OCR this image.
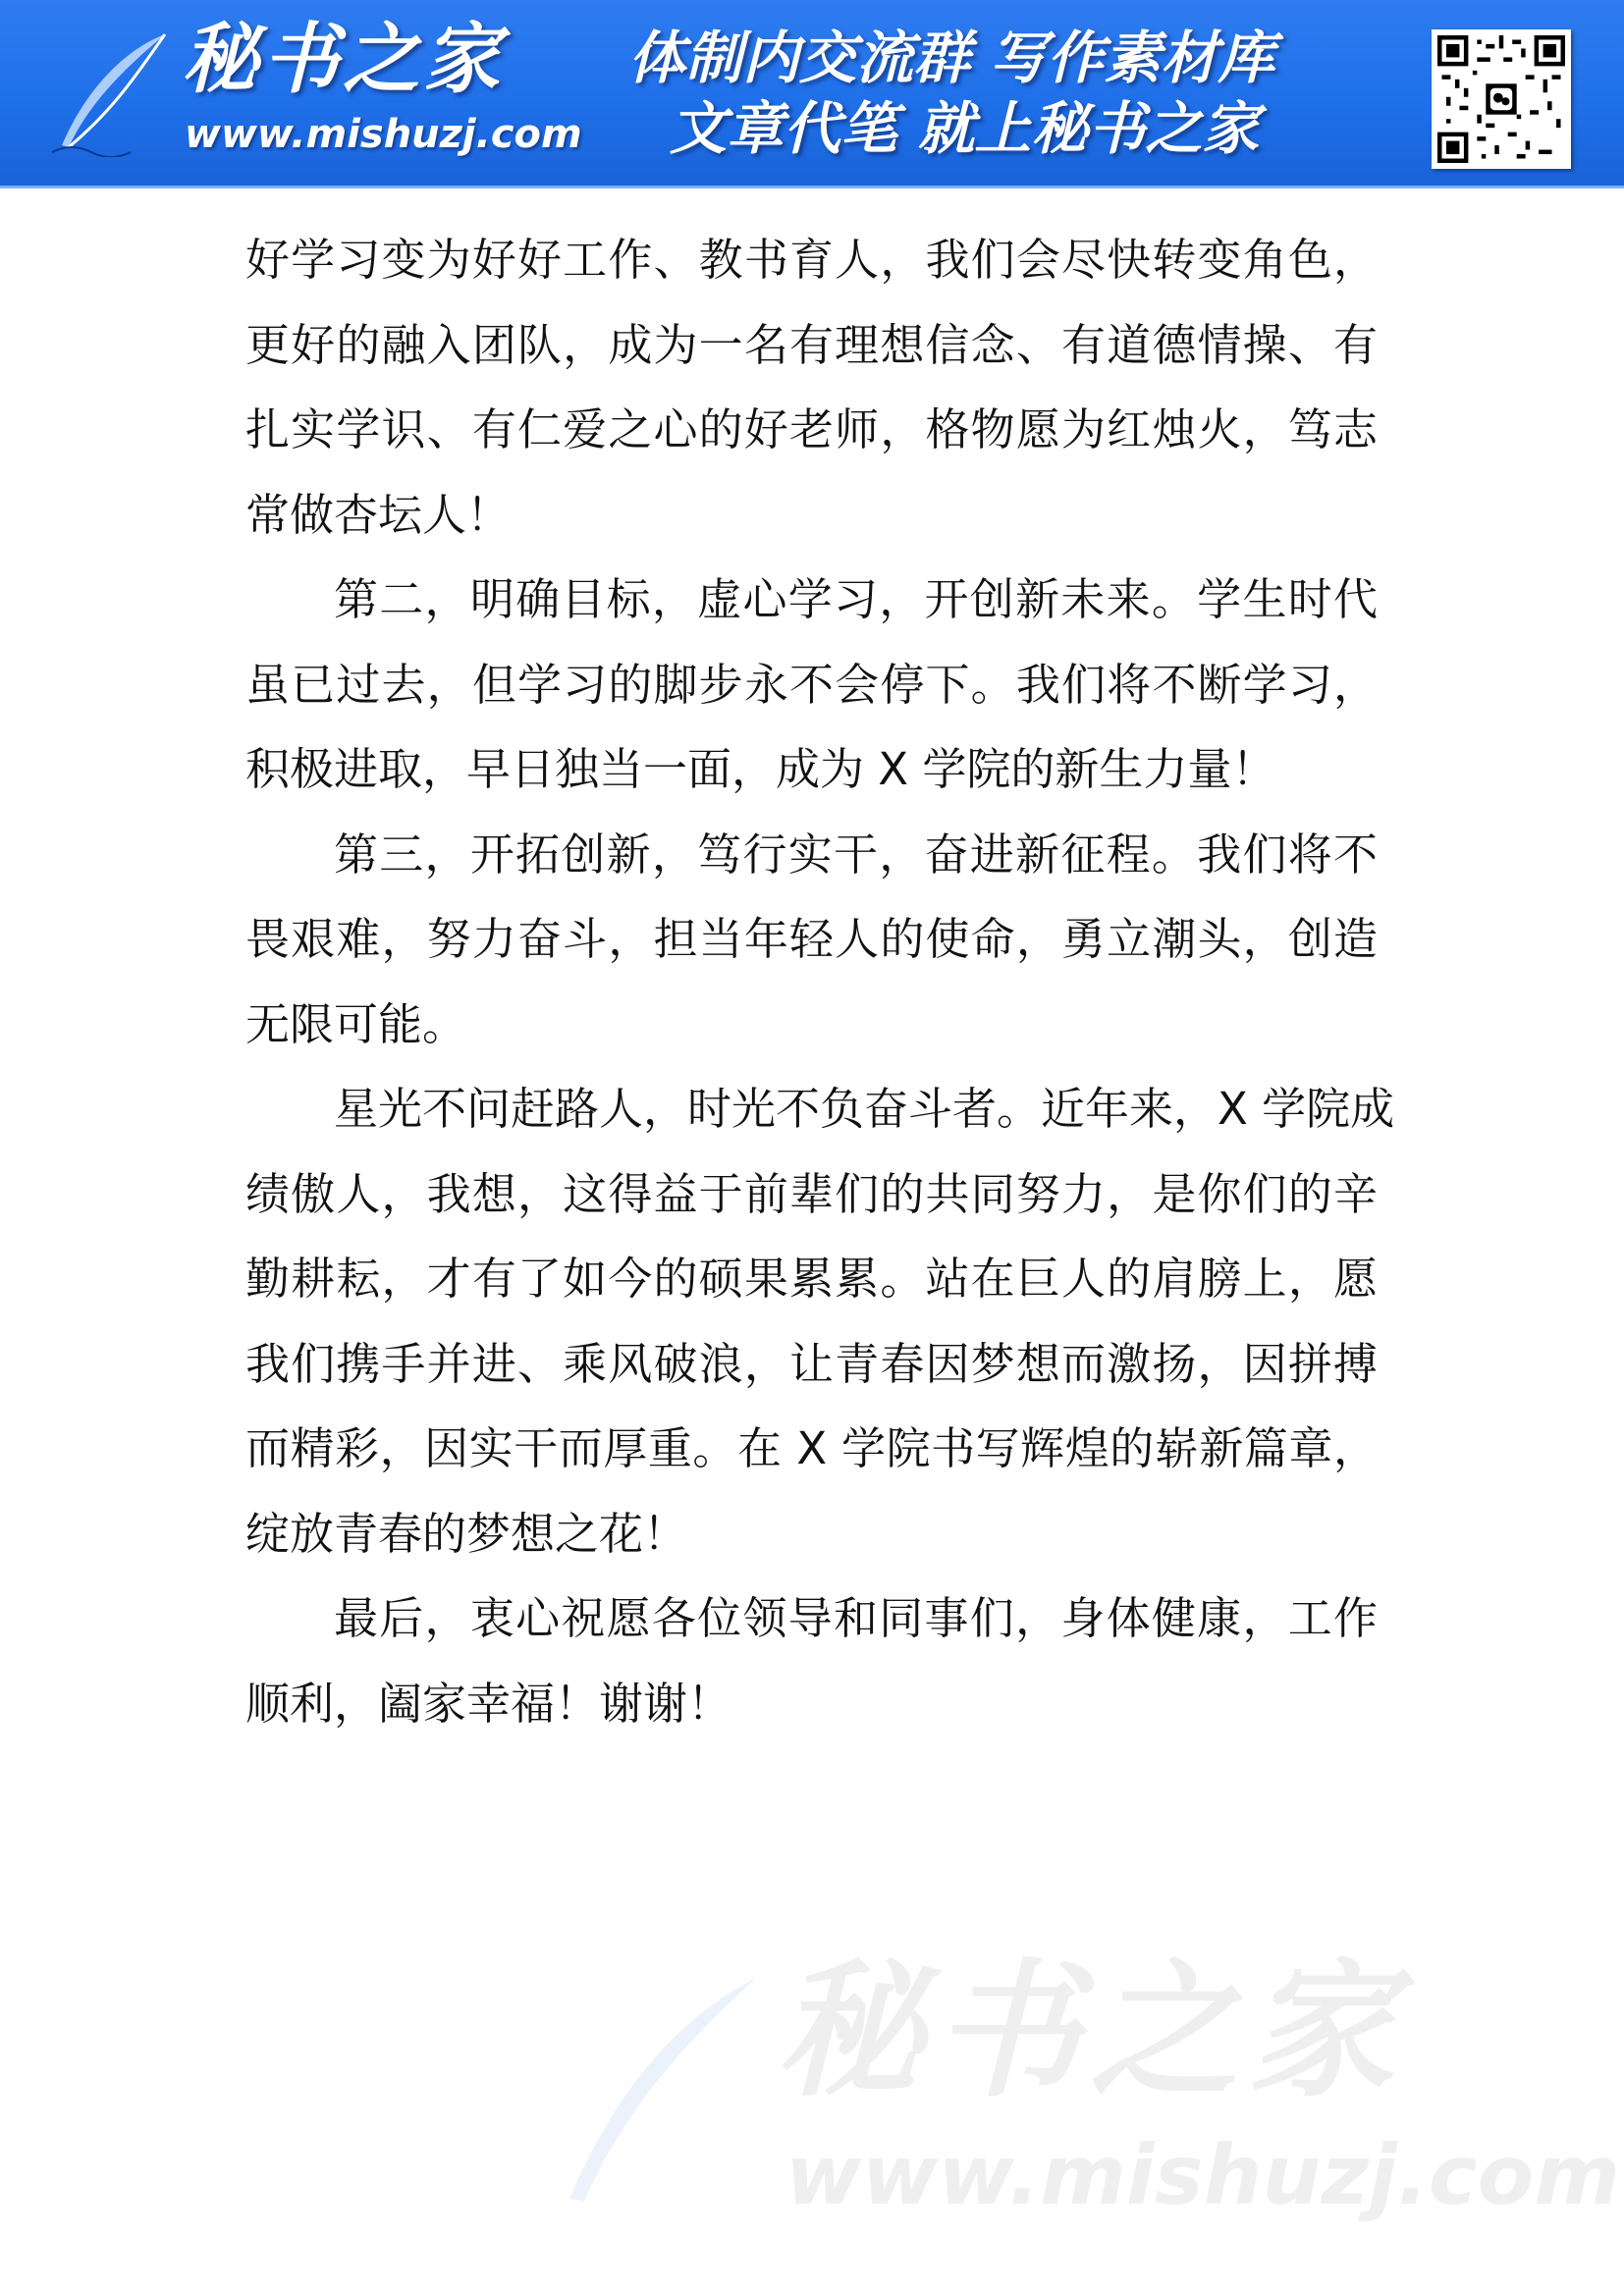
秘书之家
www.mishuzj.com
体制内交流群 写作素材库
文章代笔 就上秘书之家
好学习变为好好工作、教书育人，我们会尽快转变角色，
更好的融入团队，成为一名有理想信念、有道德情操、有
扎实学识、有仁爱之心的好老师，格物愿为红烛火，笃志
常做杏坛人！
第二，明确目标，虚心学习，开创新未来。学生时代
虽已过去，但学习的脚步永不会停下。我们将不断学习，
积极进取，早日独当一面，成为 X 学院的新生力量！
第三，开拓创新，笃行实干，奋进新征程。我们将不
畏艰难，努力奋斗，担当年轻人的使命，勇立潮头，创造
无限可能。
星光不问赶路人，时光不负奋斗者。近年来，X 学院成
绩傲人，我想，这得益于前辈们的共同努力，是你们的辛
勤耕耘，才有了如今的硕果累累。站在巨人的肩膀上，愿
我们携手并进、乘风破浪，让青春因梦想而激扬，因拼搏
而精彩，因实干而厚重。在 X 学院书写辉煌的崭新篇章，
绽放青春的梦想之花！
最后，衷心祝愿各位领导和同事们，身体健康，工作
顺利，阖家幸福！谢谢！
秘书之家
www.mishuzj.com
